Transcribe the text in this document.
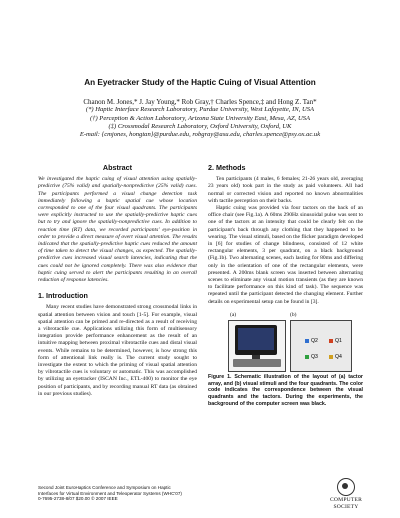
An Eyetracker Study of the Haptic Cuing of Visual Attention
Chanon M. Jones,* J. Jay Young,* Rob Gray,† Charles Spence,‡ and Hong Z. Tan*
(*) Haptic Interface Research Laboratory, Purdue University, West Lafayette, IN, USA
(†) Perception & Action Laboratory, Arizona State University East, Mesa, AZ, USA
(‡) Crossmodal Research Laboratory, Oxford University, Oxford, UK
E-mail: {cmjones, hongtan}@purdue.edu, robgray@asu.edu, charles.spence@psy.ox.ac.uk
Abstract

We investigated the haptic cuing of visual attention using spatially-predictive (75% valid) and spatially-nonpredictive (25% valid) cues. The participants performed a visual change detection task immediately following a haptic spatial cue whose location corresponded to one of the four visual quadrants. The participants were explicitly instructed to use the spatially-predictive haptic cues but to try and ignore the spatially-nonpredictive cues. In addition to reaction time (RT) data, we recorded participants' eye-position in order to provide a direct measure of overt visual attention. The results indicated that the spatially-predictive haptic cues reduced the amount of time taken to detect the visual changes, as expected. The spatially-predictive cues increased visual search latencies, indicating that the cues could not be ignored completely. There was also evidence that haptic cuing served to alert the participants resulting in an overall reduction of response latencies.

1. Introduction

Many recent studies have demonstrated strong crossmodal links in spatial attention between vision and touch [1-5]. For example, visual spatial attention can be primed and re-directed as a result of receiving a vibrotactile cue. Applications utilizing this form of multisensory integration provide performance enhancement as the result of an intuitive mapping between proximal vibrotactile cues and distal visual events. While remains to be determined, however, is how strong this form of attentional link really is. The current study sought to investigate the extent to which the priming of visual spatial attention by vibrotactile cues is voluntary or automatic. This was accomplished by utilizing an eyetracker (ISCAN Inc., ETL-400) to monitor the eye position of participants, and by recording manual RT data (as obtained in our previous studies).

2. Methods

Ten participants (4 males, 6 females; 21-26 years old, averaging 23 years old) took part in the study as paid volunteers. All had normal or corrected vision and reported no known abnormalities with tactile perception on their backs.

Haptic cuing was provided via four tactors on the back of an office chair (see Fig.1a). A 60ms 290Hz sinusoidal pulse was sent to one of the tactors at an intensity that could be clearly felt on the participant's back through any clothing that they happened to be wearing. The visual stimuli, based on the flicker paradigm developed in [6] for studies of change blindness, consisted of 12 white rectangular elements, 3 per quadrant, on a black background (Fig.1b). Two alternating scenes, each lasting for 80ms and differing only in the orientation of one of the rectangular elements, were presented. A 200ms blank screen was inserted between alternating scenes to eliminate any visual motion transients (as they are known to facilitate performance on this kind of task). The sequence was repeated until the participant detected the changing element. Further details on experimental setup can be found in [3].

(a)	(b)
Q2	Q1
Q3	Q4
Figure 1. Schematic illustration of the layout of (a) tactor array, and (b) visual stimuli and the four quadrants. The color code indicates the correspondence between the visual quadrants and the tactors. During the experiments, the background of the computer screen was black.
Second Joint EuroHaptics Conference and Symposium on Haptic
Interfaces for Virtual Environment and Teleoperator Systems (WHC'07)
0-7695-2738-8/07 $20.00 © 2007 IEEE	COMPUTER
SOCIETY
